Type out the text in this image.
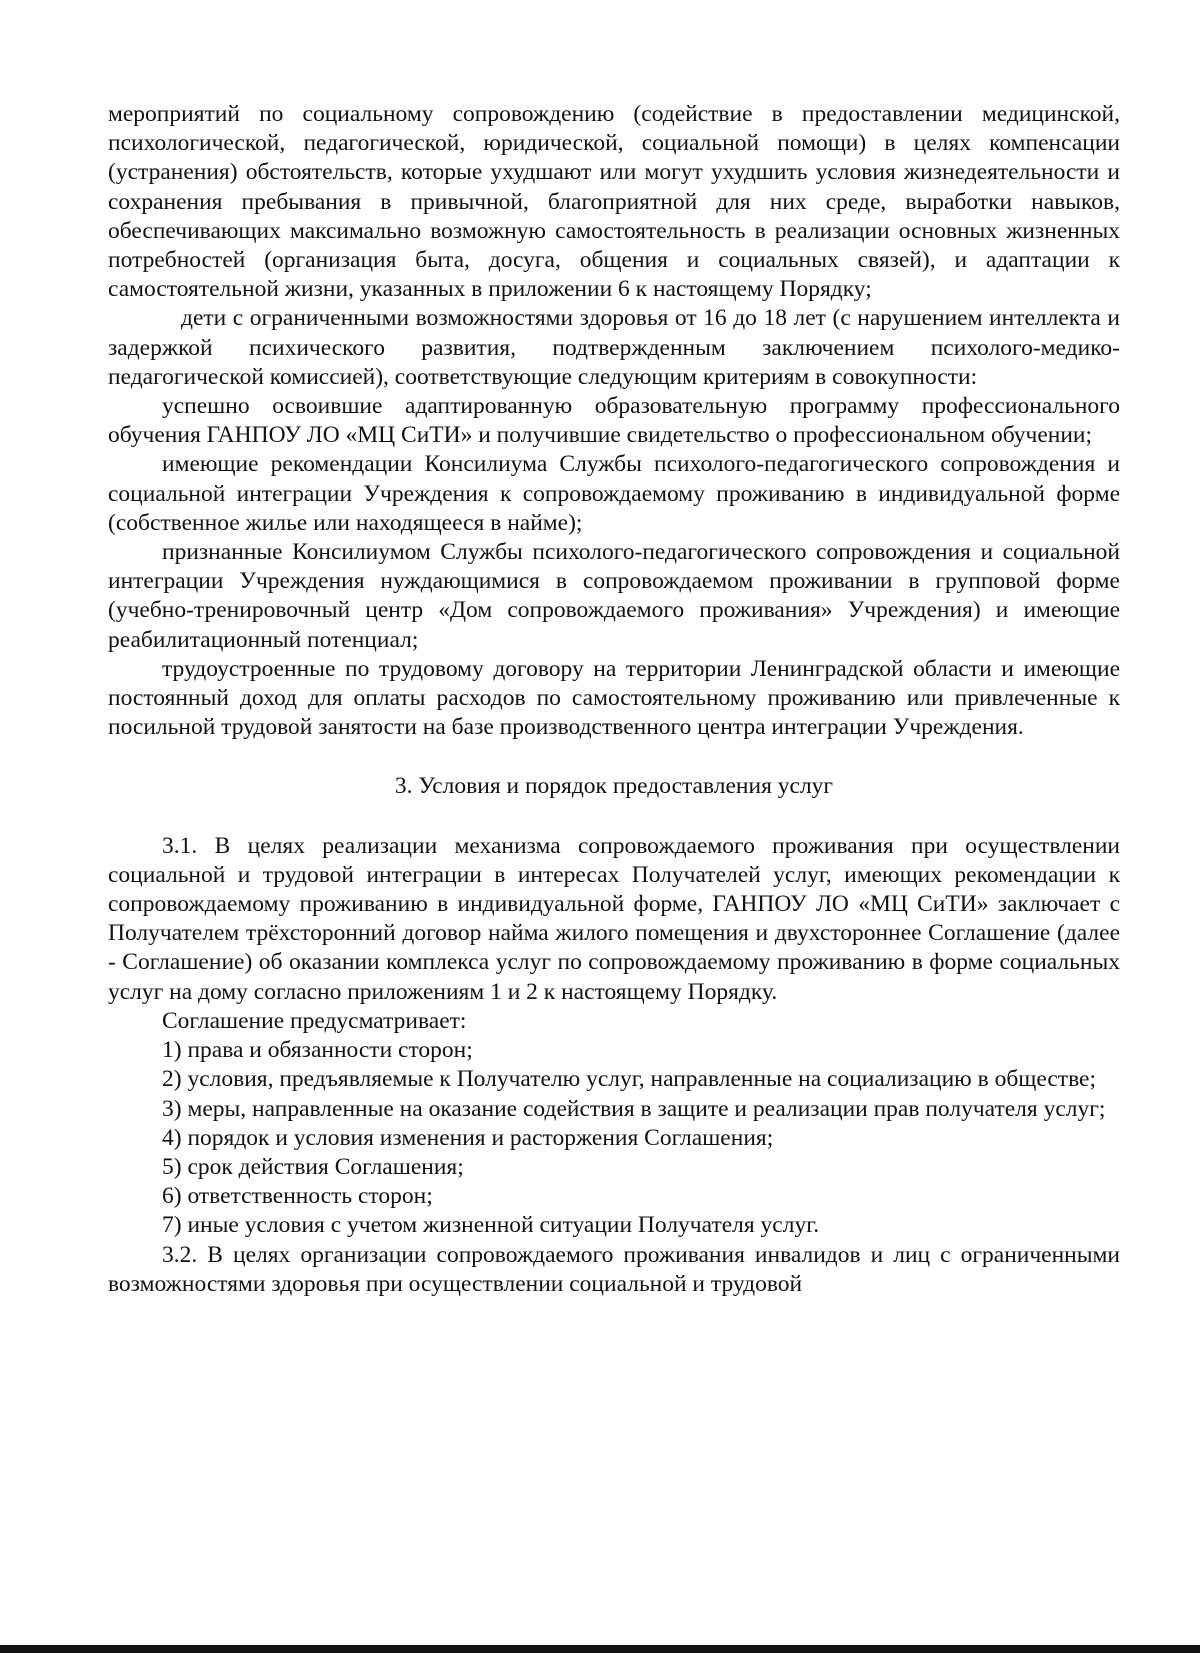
мероприятий по социальному сопровождению (содействие в предоставлении медицинской, психологической, педагогической, юридической, социальной помощи) в целях компенсации (устранения) обстоятельств, которые ухудшают или могут ухудшить условия жизнедеятельности и сохранения пребывания в привычной, благоприятной для них среде, выработки навыков, обеспечивающих максимально возможную самостоятельность в реализации основных жизненных потребностей (организация быта, досуга, общения и социальных связей), и адаптации к самостоятельной жизни, указанных в приложении 6 к настоящему Порядку;

дети с ограниченными возможностями здоровья от 16 до 18 лет (с нарушением интеллекта и задержкой психического развития, подтвержденным заключением психолого-медико-педагогической комиссией), соответствующие следующим критериям в совокупности:

успешно освоившие адаптированную образовательную программу профессионального обучения ГАНПОУ ЛО «МЦ СиТИ» и получившие свидетельство о профессиональном обучении;

имеющие рекомендации Консилиума Службы психолого-педагогического сопровождения и социальной интеграции Учреждения к сопровождаемому проживанию в индивидуальной форме (собственное жилье или находящееся в найме);

признанные Консилиумом Службы психолого-педагогического сопровождения и социальной интеграции Учреждения нуждающимися в сопровождаемом проживании в групповой форме (учебно-тренировочный центр «Дом сопровождаемого проживания» Учреждения) и имеющие реабилитационный потенциал;

трудоустроенные по трудовому договору на территории Ленинградской области и имеющие постоянный доход для оплаты расходов по самостоятельному проживанию или привлеченные к посильной трудовой занятости на базе производственного центра интеграции Учреждения.

3. Условия и порядок предоставления услуг

3.1. В целях реализации механизма сопровождаемого проживания при осуществлении социальной и трудовой интеграции в интересах Получателей услуг, имеющих рекомендации к сопровождаемому проживанию в индивидуальной форме, ГАНПОУ ЛО «МЦ СиТИ» заключает с Получателем трёхсторонний договор найма жилого помещения и двухстороннее Соглашение (далее - Соглашение) об оказании комплекса услуг по сопровождаемому проживанию в форме социальных услуг на дому согласно приложениям 1 и 2 к настоящему Порядку.

Соглашение предусматривает:

1) права и обязанности сторон;

2) условия, предъявляемые к Получателю услуг, направленные на социализацию в обществе;

3) меры, направленные на оказание содействия в защите и реализации прав получателя услуг;

4) порядок и условия изменения и расторжения Соглашения;

5) срок действия Соглашения;

6) ответственность сторон;

7) иные условия с учетом жизненной ситуации Получателя услуг.

3.2. В целях организации сопровождаемого проживания инвалидов и лиц с ограниченными возможностями здоровья при осуществлении социальной и трудовой
